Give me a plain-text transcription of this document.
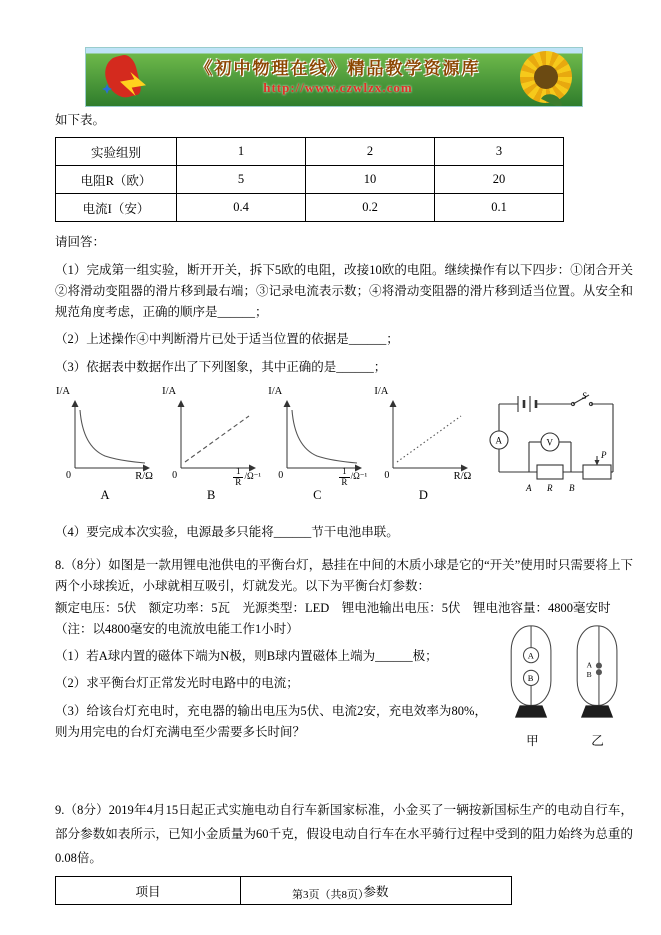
《初中物理在线》精品教学资源库
http://www.czwlzx.com

如下表。

实验组别	1	2	3
电阻R（欧）	5	10	20
电流I（安）	0.4	0.2	0.1

请回答：

（1）完成第一组实验，断开开关，拆下5欧的电阻，改接10欧的电阻。继续操作有以下四步：①闭合开关 ②将滑动变阻器的滑片移到最右端；③记录电流表示数；④将滑动变阻器的滑片移到适当位置。从安全和规范角度考虑，正确的顺序是______；

（2）上述操作④中判断滑片已处于适当位置的依据是______；

（3）依据表中数据作出了下列图象，其中正确的是______；

I/A
0	R/Ω
A

I/A
0	$\frac{1}{R} /\Omega^{-1}$
B

I/A
0	$\frac{1}{R} /\Omega^{-1}$
C

I/A
0	R/Ω
D
S
P
V
A
A R B

（4）要完成本次实验，电源最多只能将______节干电池串联。

8.（8分）如图是一款用锂电池供电的平衡台灯，悬挂在中间的木质小球是它的“开关”使用时只需要将上下两个小球挨近，小球就相互吸引，灯就发光。以下为平衡台灯参数：

额定电压：5伏　额定功率：5瓦　光源类型：LED　锂电池输出电压：5伏　锂电池容量：4800毫安时

A
B
甲

A
B
乙

（注：以4800毫安的电流放电能工作1小时）

（1）若A球内置的磁体下端为N极，则B球内置磁体上端为______极；

（2）求平衡台灯正常发光时电路中的电流；

（3）给该台灯充电时，充电器的输出电压为5伏、电流2安，充电效率为80%，则为用完电的台灯充满电至少需要多长时间？

9.（8分）2019年4月15日起正式实施电动自行车新国家标准，小金买了一辆按新国标生产的电动自行车，部分参数如表所示，已知小金质量为60千克，假设电动自行车在水平骑行过程中受到的阻力始终为总重的0.08倍。

项目	参数
第3页（共8页）
